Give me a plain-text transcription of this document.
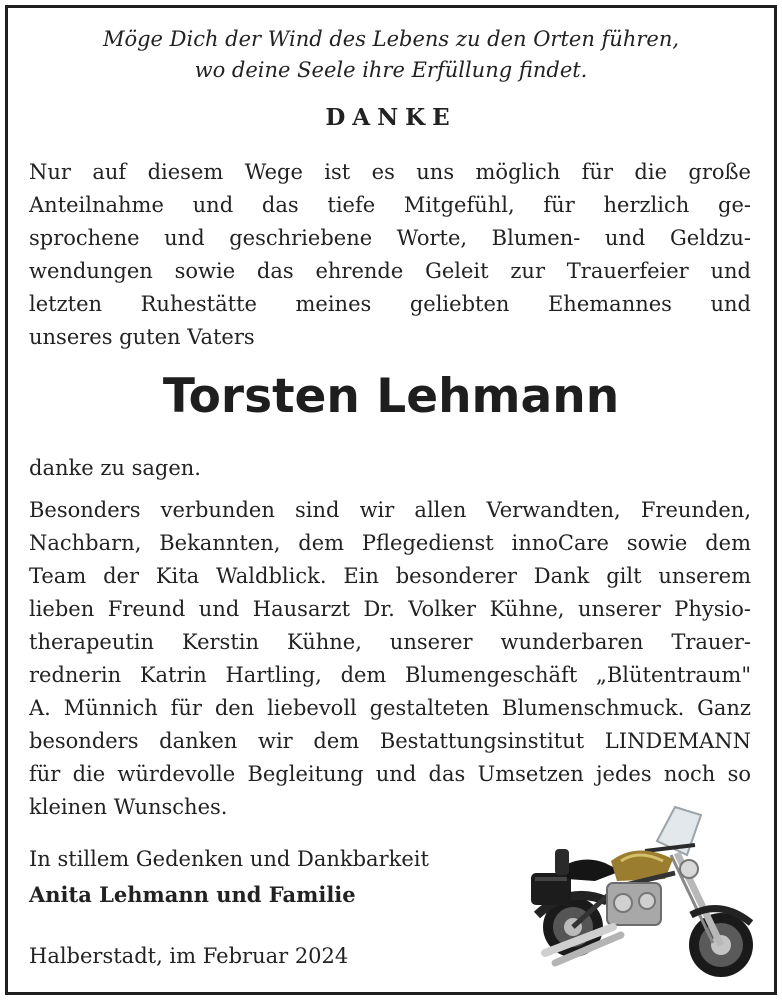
Möge Dich der Wind des Lebens zu den Orten führen,
wo deine Seele ihre Erfüllung findet.
DANKE
Nur auf diesem Wege ist es uns möglich für die große
Anteilnahme und das tiefe Mitgefühl, für herzlich ge-
sprochene und geschriebene Worte, Blumen- und Geldzu-
wendungen sowie das ehrende Geleit zur Trauerfeier und
letzten Ruhestätte meines geliebten Ehemannes und
unseres guten Vaters
Torsten Lehmann
danke zu sagen.
Besonders verbunden sind wir allen Verwandten, Freunden,
Nachbarn, Bekannten, dem Pflegedienst innoCare sowie dem
Team der Kita Waldblick. Ein besonderer Dank gilt unserem
lieben Freund und Hausarzt Dr. Volker Kühne, unserer Physio-
therapeutin Kerstin Kühne, unserer wunderbaren Trauer-
rednerin Katrin Hartling, dem Blumengeschäft „Blütentraum"
A. Münnich für den liebevoll gestalteten Blumenschmuck. Ganz
besonders danken wir dem Bestattungsinstitut LINDEMANN
für die würdevolle Begleitung und das Umsetzen jedes noch so
kleinen Wunsches.
In stillem Gedenken und Dankbarkeit
Anita Lehmann und Familie
Halberstadt, im Februar 2024
